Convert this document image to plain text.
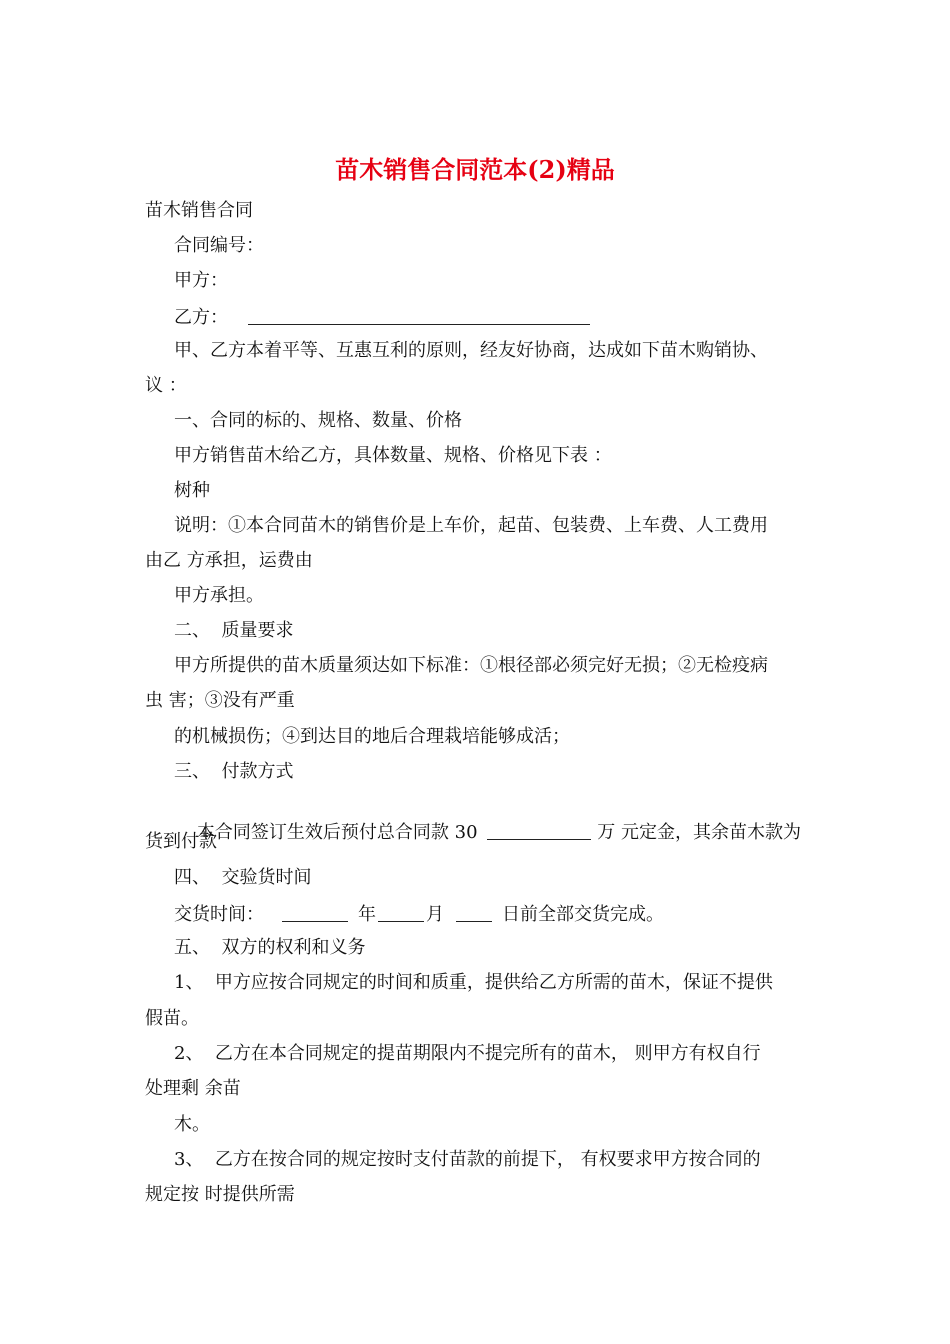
苗木销售合同范本(2)精品
苗木销售合同
合同编号：
甲方：
乙方：
甲、乙方本着平等、互惠互利的原则，经友好协商，达成如下苗木购销协、
议 ：
一、合同的标的、规格、数量、价格
甲方销售苗木给乙方，具体数量、规格、价格见下表 ：
树种
说明：①本合同苗木的销售价是上车价，起苗、包装费、上车费、人工费用
由乙 方承担，运费由
甲方承担。
二、  质量要求
甲方所提供的苗木质量须达如下标准：①根径部必须完好无损；②无检疫病
虫 害；③没有严重
的机械损伤；④到达目的地后合理栽培能够成活；
三、  付款方式

本合同签订生效后预付总合同款 30	万 元定金，其余苗木款为

货到付款
四、  交验货时间
交货时间：	年	月	日前全部交货完成。
五、  双方的权利和义务
1、  甲方应按合同规定的时间和质重，提供给乙方所需的苗木，保证不提供
假苗。
2、  乙方在本合同规定的提苗期限内不提完所有的苗木， 则甲方有权自行
处理剩 余苗
木。
3、  乙方在按合同的规定按时支付苗款的前提下， 有权要求甲方按合同的
规定按 时提供所需
